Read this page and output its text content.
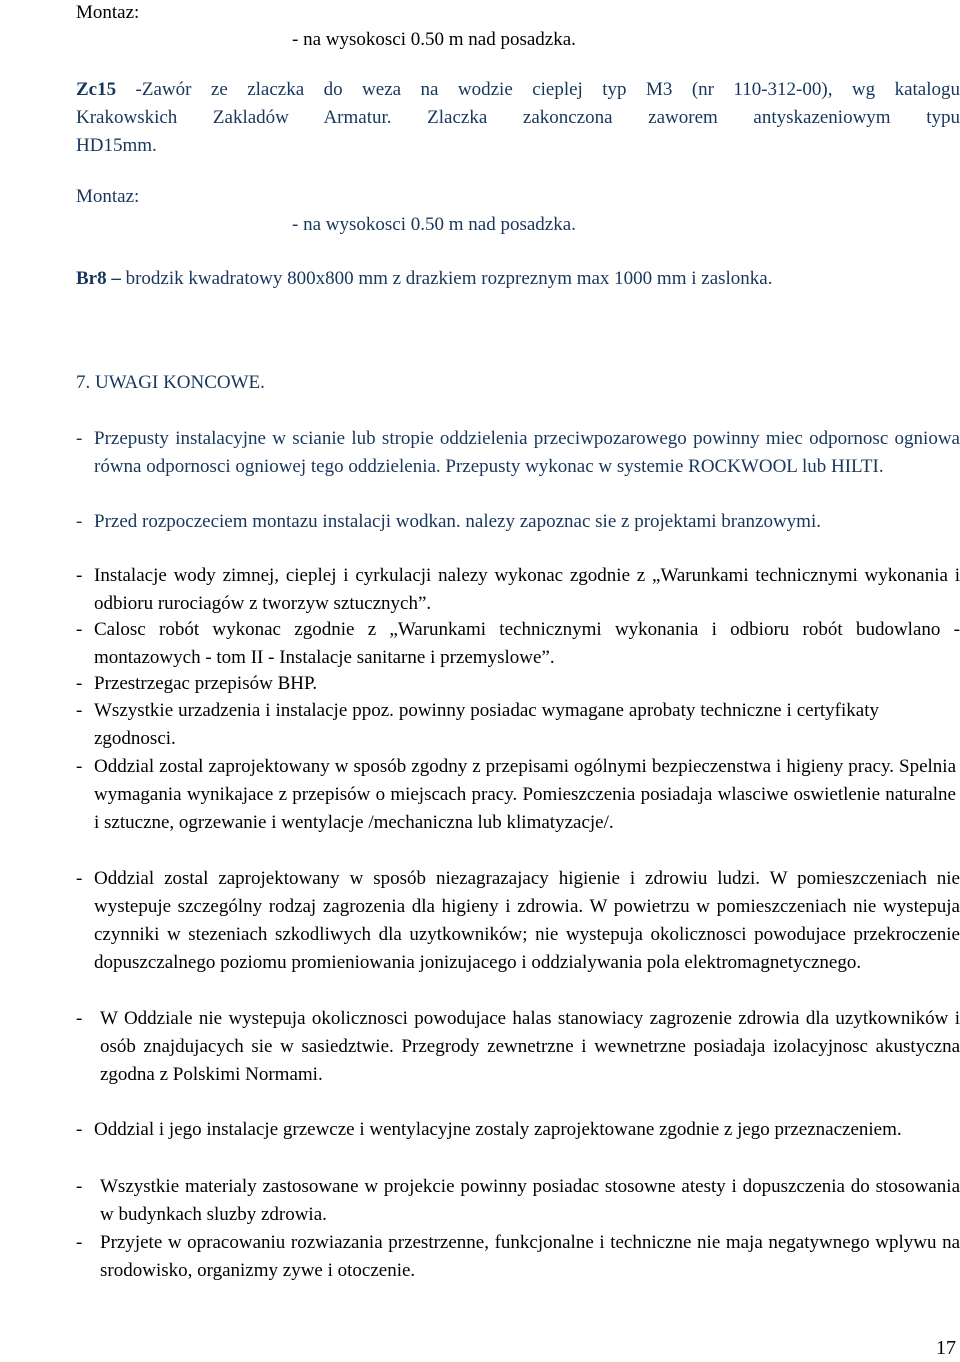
Montaz:
- na wysokosci 0.50 m nad posadzka.
Zc15 -Zawór ze zlaczka do weza na wodzie cieplej typ M3 (nr 110-312-00), wg katalogu
Krakowskich Zakladów Armatur. Zlaczka zakonczona zaworem antyskazeniowym typu
HD15mm.
Montaz:
- na wysokosci 0.50 m nad posadzka.
Br8 – brodzik kwadratowy 800x800 mm z drazkiem rozpreznym max 1000 mm i zaslonka.
7. UWAGI KONCOWE.
- Przepusty instalacyjne w scianie lub stropie oddzielenia przeciwpozarowego powinny miec odpornosc ogniowa równa odpornosci ogniowej tego oddzielenia. Przepusty wykonac w systemie ROCKWOOL lub HILTI.
- Przed rozpoczeciem montazu instalacji wodkan. nalezy zapoznac sie z projektami branzowymi.
- Instalacje wody zimnej, cieplej i cyrkulacji nalezy wykonac zgodnie z „Warunkami technicznymi wykonania i odbioru rurociagów z tworzyw sztucznych”.
- Calosc robót wykonac zgodnie z „Warunkami technicznymi wykonania i odbioru robót budowlano - montazowych - tom II - Instalacje sanitarne i przemyslowe”.
- Przestrzegac przepisów BHP.
- Wszystkie urzadzenia i instalacje ppoz. powinny posiadac wymagane aprobaty techniczne i certyfikaty zgodnosci.
- Oddzial zostal zaprojektowany w sposób zgodny z przepisami ogólnymi bezpieczenstwa i higieny pracy. Spelnia wymagania wynikajace z przepisów o miejscach pracy. Pomieszczenia posiadaja wlasciwe oswietlenie naturalne i sztuczne, ogrzewanie i wentylacje /mechaniczna lub klimatyzacje/.
- Oddzial zostal zaprojektowany w sposób niezagrazajacy higienie i zdrowiu ludzi. W pomieszczeniach nie wystepuje szczególny rodzaj zagrozenia dla higieny i zdrowia. W powietrzu w pomieszczeniach nie wystepuja czynniki w stezeniach szkodliwych dla uzytkowników; nie wystepuja okolicznosci powodujace przekroczenie dopuszczalnego poziomu promieniowania jonizujacego i oddzialywania pola elektromagnetycznego.
- W Oddziale nie wystepuja okolicznosci powodujace halas stanowiacy zagrozenie zdrowia dla uzytkowników i osób znajdujacych sie w sasiedztwie. Przegrody zewnetrzne i wewnetrzne posiadaja izolacyjnosc akustyczna zgodna z Polskimi Normami.
- Oddzial i jego instalacje grzewcze i wentylacyjne zostaly zaprojektowane zgodnie z jego przeznaczeniem.
- Wszystkie materialy zastosowane w projekcie powinny posiadac stosowne atesty i dopuszczenia do stosowania w budynkach sluzby zdrowia.
- Przyjete w opracowaniu rozwiazania przestrzenne, funkcjonalne i techniczne nie maja negatywnego wplywu na srodowisko, organizmy zywe i otoczenie.
17
